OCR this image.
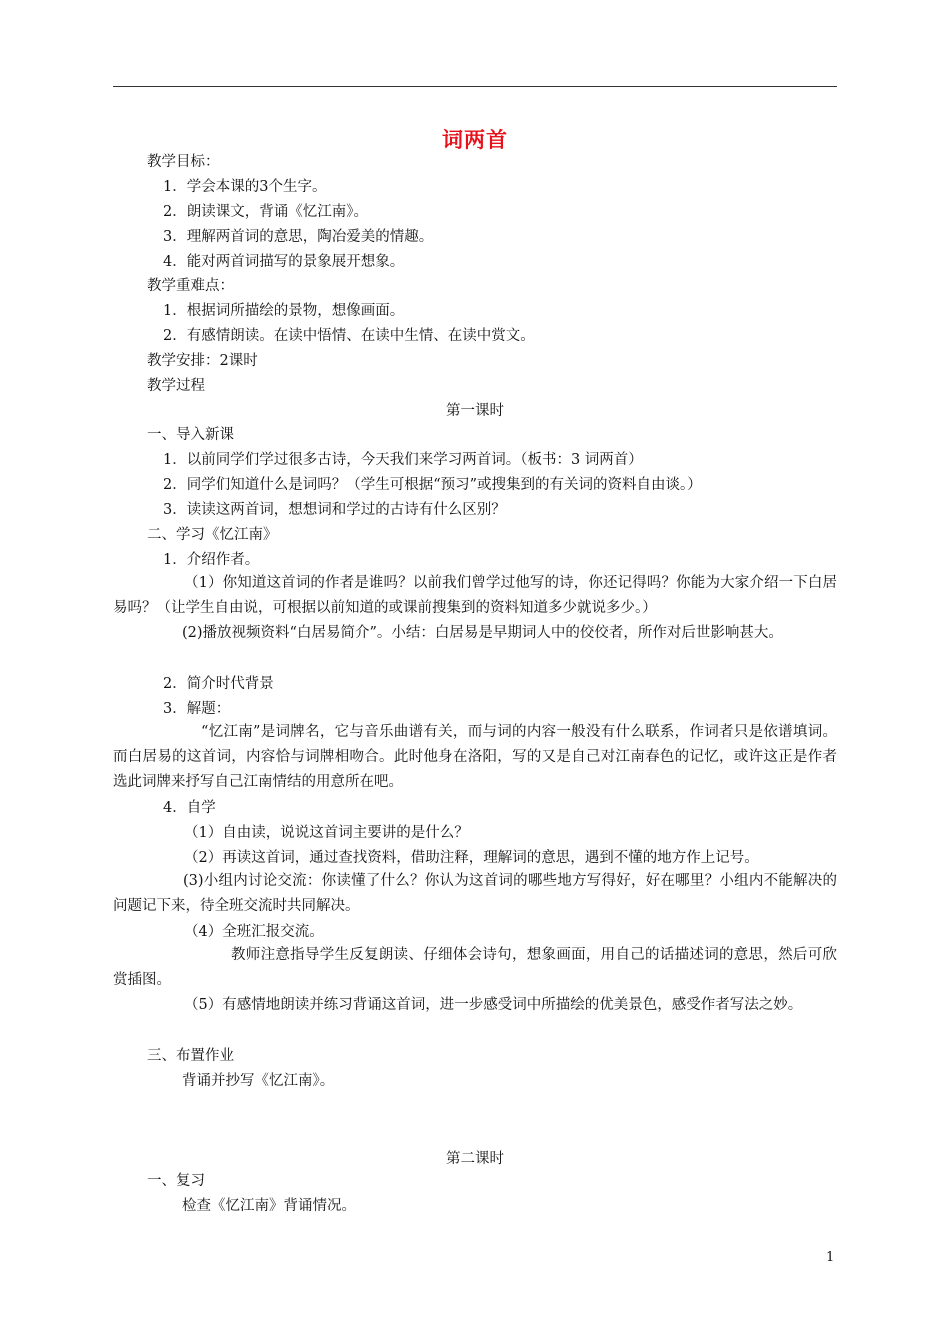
词两首
教学目标：
1．学会本课的3个生字。
2．朗读课文，背诵《忆江南》。
3．理解两首词的意思，陶冶爱美的情趣。
4．能对两首词描写的景象展开想象。
教学重难点：
1．根据词所描绘的景物，想像画面。
2．有感情朗读。在读中悟情、在读中生情、在读中赏文。
教学安排：2课时
教学过程
第一课时
一、导入新课
1．以前同学们学过很多古诗，今天我们来学习两首词。（板书：3 词两首）
2．同学们知道什么是词吗？（学生可根据“预习”或搜集到的有关词的资料自由谈。）
3．读读这两首词，想想词和学过的古诗有什么区别？
二、学习《忆江南》
1．介绍作者。
（1）你知道这首词的作者是谁吗？以前我们曾学过他写的诗，你还记得吗？你能为大家介绍一下白居易吗？（让学生自由说，可根据以前知道的或课前搜集到的资料知道多少就说多少。）
(2)播放视频资料“白居易简介”。小结：白居易是早期词人中的佼佼者，所作对后世影响甚大。
2．简介时代背景
3．解题：
“忆江南”是词牌名，它与音乐曲谱有关，而与词的内容一般没有什么联系，作词者只是依谱填词。而白居易的这首词，内容恰与词牌相吻合。此时他身在洛阳，写的又是自己对江南春色的记忆，或许这正是作者选此词牌来抒写自己江南情结的用意所在吧。
4．自学
（1）自由读，说说这首词主要讲的是什么？
（2）再读这首词，通过查找资料，借助注释，理解词的意思，遇到不懂的地方作上记号。
(3)小组内讨论交流：你读懂了什么？你认为这首词的哪些地方写得好，好在哪里？小组内不能解决的问题记下来，待全班交流时共同解决。
（4）全班汇报交流。
教师注意指导学生反复朗读、仔细体会诗句，想象画面，用自己的话描述词的意思，然后可欣赏插图。
（5）有感情地朗读并练习背诵这首词，进一步感受词中所描绘的优美景色，感受作者写法之妙。
三、布置作业
背诵并抄写《忆江南》。
第二课时
一、复习
检查《忆江南》背诵情况。
1
